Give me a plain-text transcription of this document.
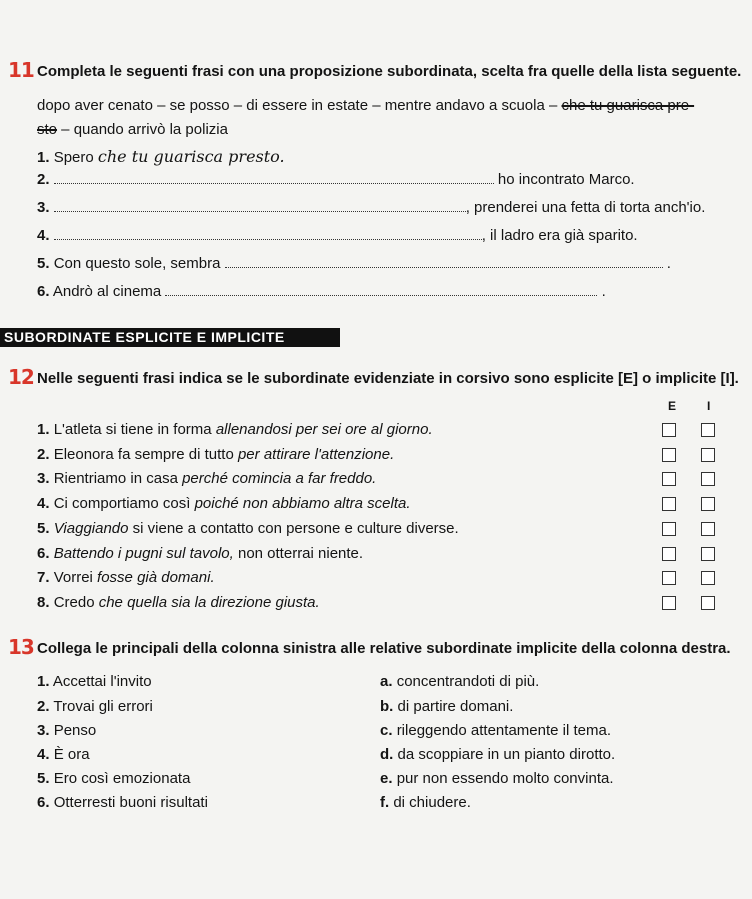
11 Completa le seguenti frasi con una proposizione subordinata, scelta fra quelle della lista seguente.
dopo aver cenato – se posso – di essere in estate – mentre andavo a scuola – che tu guarisca pre-
sto – quando arrivò la polizia
1. Spero che tu guarisca presto.
2.	ho incontrato Marco.
3.	, prenderei una fetta di torta anch'io.
4.	, il ladro era già sparito.
5. Con questo sole, sembra	.
6. Andrò al cinema	.
SUBORDINATE ESPLICITE E IMPLICITE
12 Nelle seguenti frasi indica se le subordinate evidenziate in corsivo sono esplicite [E] o implicite [I].
E	I
1. L'atleta si tiene in forma allenandosi per sei ore al giorno.
2. Eleonora fa sempre di tutto per attirare l'attenzione.
3. Rientriamo in casa perché comincia a far freddo.
4. Ci comportiamo così poiché non abbiamo altra scelta.
5. Viaggiando si viene a contatto con persone e culture diverse.
6. Battendo i pugni sul tavolo, non otterrai niente.
7. Vorrei fosse già domani.
8. Credo che quella sia la direzione giusta.
13 Collega le principali della colonna sinistra alle relative subordinate implicite della colonna destra.
1. Accettai l'invito	a. concentrandoti di più.
2. Trovai gli errori	b. di partire domani.
3. Penso	c. rileggendo attentamente il tema.
4. È ora	d. da scoppiare in un pianto dirotto.
5. Ero così emozionata	e. pur non essendo molto convinta.
6. Otterresti buoni risultati	f. di chiudere.
